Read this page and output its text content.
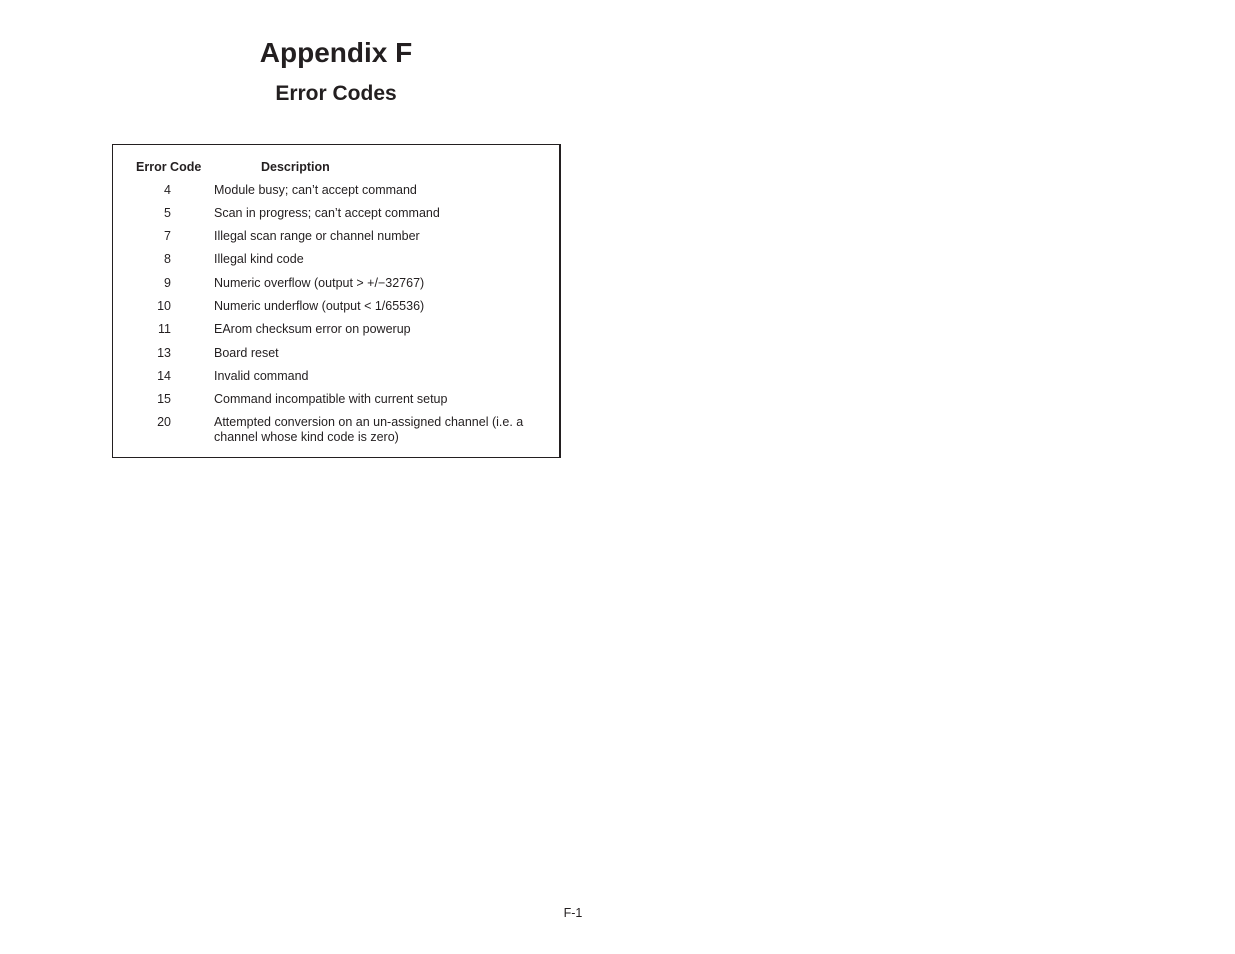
Appendix F
Error Codes
Error Code	Description
4	Module busy; can’t accept command
5	Scan in progress; can’t accept command
7	Illegal scan range or channel number
8	Illegal kind code
9	Numeric overflow (output > +/−32767)
10	Numeric underflow (output < 1/65536)
11	EArom checksum error on powerup
13	Board reset
14	Invalid command
15	Command incompatible with current setup
20	Attempted conversion on an un-assigned channel (i.e. a channel whose kind code is zero)
F-1
